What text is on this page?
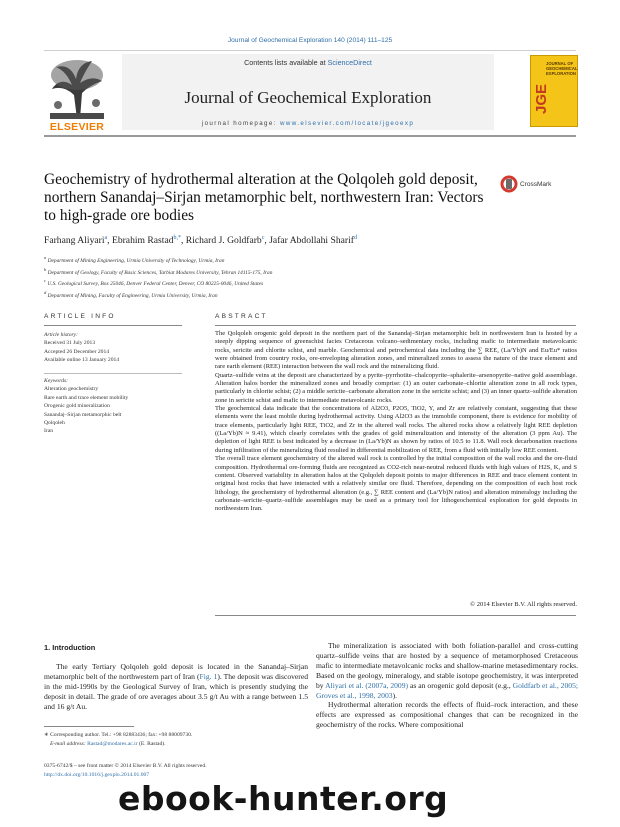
Journal of Geochemical Exploration 140 (2014) 111–125
ELSEVIER
Contents lists available at ScienceDirect
Journal of Geochemical Exploration
journal homepage: www.elsevier.com/locate/jgeoexp
JOURNAL OF GEOCHEMICAL EXPLORATION
JGE
Geochemistry of hydrothermal alteration at the Qolqoleh gold deposit, northern Sanandaj–Sirjan metamorphic belt, northwestern Iran: Vectors to high-grade ore bodies
CrossMark
Farhang Aliyari$^a$, Ebrahim Rastad$^{b,*}$, Richard J. Goldfarb$^c$, Jafar Abdollahi Sharif$^d$
$^a$ Department of Mining Engineering, Urmia University of Technology, Urmia, Iran
$^b$ Department of Geology, Faculty of Basic Sciences, Tarbiat Modares University, Tehran 14115-175, Iran
$^c$ U.S. Geological Survey, Box 25046, Denver Federal Center, Denver, CO 80225-0046, United States
$^d$ Department of Mining, Faculty of Engineering, Urmia University, Urmia, Iran
ARTICLE INFO
Article history:
Received 31 July 2013
Accepted 26 December 2014
Available online 13 January 2014
Keywords:
Alteration geochemistry
Rare earth and trace element mobility
Orogenic gold mineralization
Sanandaj–Sirjan metamorphic belt
Qolqoleh
Iran
ABSTRACT

The Qolqoleh orogenic gold deposit in the northern part of the Sanandaj–Sirjan metamorphic belt in northwestern Iran is hosted by a steeply dipping sequence of greenschist facies Cretaceous volcano–sedimentary rocks, including mafic to intermediate metavolcanic rocks, sericite and chlorite schist, and marble. Geochemical and petrochemical data including the ∑ REE, (La/Yb)N and Eu/Eu* ratios were obtained from country rocks, ore-enveloping alteration zones, and mineralized zones to assess the nature of the trace element and rare earth element (REE) interaction between the wall rock and the mineralizing fluid.

Quartz–sulfide veins at the deposit are characterized by a pyrite–pyrrhotite–chalcopyrite–sphalerite–arsenopyrite–native gold assemblage. Alteration halos border the mineralized zones and broadly comprise: (1) an outer carbonate–chlorite alteration zone in all rock types, particularly in chlorite schist; (2) a middle sericite–carbonate alteration zone in the sericite schist; and (3) an inner quartz–sulfide alteration zone in sericite schist and mafic to intermediate metavolcanic rocks.

The geochemical data indicate that the concentrations of Al2O3, P2O5, TiO2, Y, and Zr are relatively constant, suggesting that these elements were the least mobile during hydrothermal activity. Using Al2O3 as the immobile component, there is evidence for mobility of trace elements, particularly light REE, TiO2, and Zr in the altered wall rocks. The altered rocks show a relatively light REE depletion ((La/Yb)N ≈ 9.41), which clearly correlates with the grades of gold mineralization and intensity of the alteration (3 ppm Au). The depletion of light REE is best indicated by a decrease in (La/Yb)N as shown by ratios of 10.5 to 11.8. Wall rock decarbonation reactions during infiltration of the mineralizing fluid resulted in differential mobilization of REE, from a fluid with initially low REE content.

The overall trace element geochemistry of the altered wall rock is controlled by the initial composition of the wall rocks and the ore-fluid composition. Hydrothermal ore-forming fluids are recognized as CO2-rich near-neutral reduced fluids with high values of H2S, K, and S content. Observed variability in alteration halos at the Qolqoleh deposit points to major differences in REE and trace element content in original host rocks that have interacted with a relatively similar ore fluid. Therefore, depending on the composition of each host rock lithology, the geochemistry of hydrothermal alteration (e.g., ∑ REE content and (La/Yb)N ratios) and alteration mineralogy including the carbonate–sericite–quartz–sulfide assemblages may be used as a primary tool for lithogeochemical exploration for gold deposits in northwestern Iran.

© 2014 Elsevier B.V. All rights reserved.
1. Introduction
The early Tertiary Qolqoleh gold deposit is located in the Sanandaj–Sirjan metamorphic belt of the northwestern part of Iran (Fig. 1). The deposit was discovered in the mid-1990s by the Geological Survey of Iran, which is presently studying the deposit in detail. The grade of ore averages about 3.5 g/t Au with a range between 1.5 and 16 g/t Au.

The mineralization is associated with both foliation-parallel and cross-cutting quartz–sulfide veins that are hosted by a sequence of metamorphosed Cretaceous mafic to intermediate metavolcanic rocks and shallow-marine metasedimentary rocks. Based on the geology, mineralogy, and stable isotope geochemistry, it was interpreted by Aliyari et al. (2007a, 2009) as an orogenic gold deposit (e.g., Goldfarb et al., 2005; Groves et al., 1998, 2003).

Hydrothermal alteration records the effects of fluid–rock interaction, and these effects are expressed as compositional changes that can be recognized in the geochemistry of the rocks. Where compositional

∗ Corresponding author. Tel.: +98 82883436; fax: +98 88009730.
E-mail address: Rastad@modares.ac.ir (E. Rastad).
0375-6742/$ – see front matter © 2014 Elsevier B.V. All rights reserved.
http://dx.doi.org/10.1016/j.gexplo.2014.01.007
ebook-hunter.org
